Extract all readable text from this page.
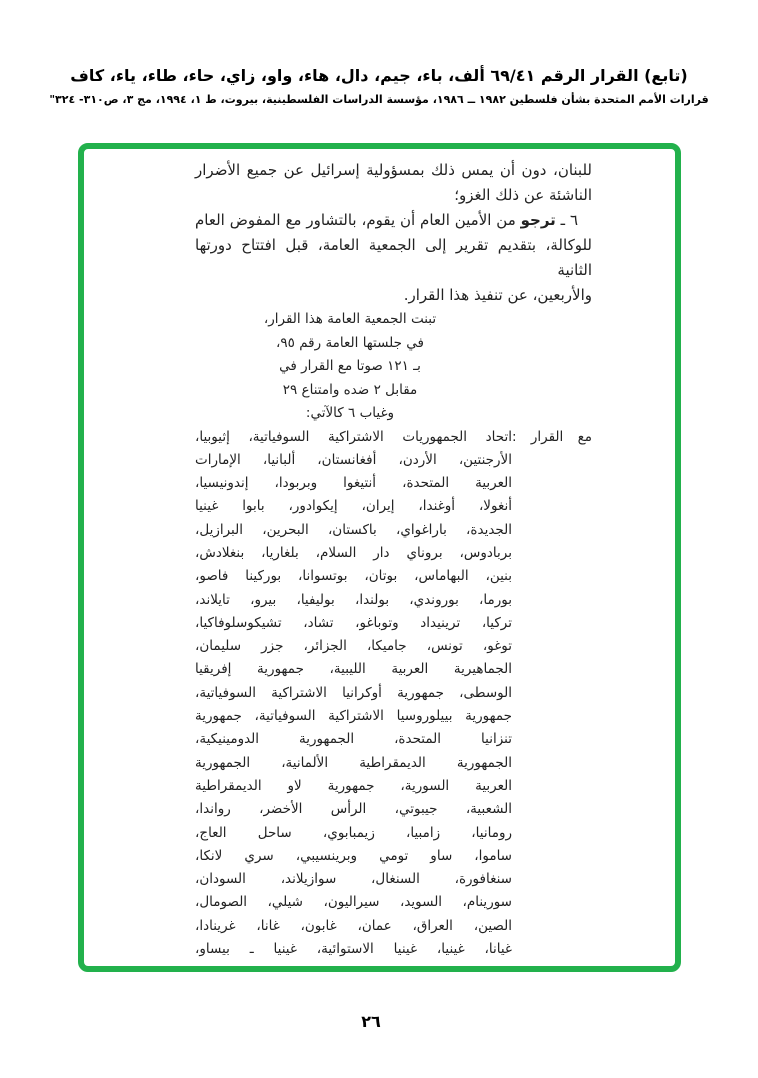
(تابع) القرار الرقم ٦٩/٤١ ألف، باء، جيم، دال، هاء، واو، زاي، حاء، طاء، ياء، كاف
قرارات الأمم المتحدة بشأن فلسطين ١٩٨٢ ــ ١٩٨٦، مؤسسة الدراسات الفلسطينية، بيروت، ط ١، ١٩٩٤، مج ٣، ص٣١٠- ٣٢٤"
للبنان، دون أن يمس ذلك بمسؤولية إسرائيل عن جميع الأضرار
الناشئة عن ذلك الغزو؛
٦ ـ ترجو من الأمين العام أن يقوم، بالتشاور مع المفوض العام
للوكالة، بتقديم تقرير إلى الجمعية العامة، قبل افتتاح دورتها الثانية
والأربعين، عن تنفيذ هذا القرار.
تبنت الجمعية العامة هذا القرار،
في جلستها العامة رقم ٩٥،
بـ ١٢١ صوتا مع القرار في
مقابل ٢ ضده وامتناع ٢٩
وغياب ٦ كالآتي:
مع القرار :
اتحاد الجمهوريات الاشتراكية السوفياتية، إثيوبيا،
الأرجنتين، الأردن، أفغانستان، ألبانيا، الإمارات
العربية المتحدة، أنتيغوا وبربودا، إندونيسيا،
أنغولا، أوغندا، إيران، إيكوادور، بابوا غينيا
الجديدة، باراغواي، باكستان، البحرين، البرازيل،
بربادوس، بروناي دار السلام، بلغاريا، بنغلادش،
بنين، البهاماس، بوتان، بوتسوانا، بوركينا فاصو،
بورما، بوروندي، بولندا، بوليفيا، بيرو، تايلاند،
تركيا، ترينيداد وتوباغو، تشاد، تشيكوسلوفاكيا،
توغو، تونس، جاميكا، الجزائر، جزر سليمان،
الجماهيرية العربية الليبية، جمهورية إفريقيا
الوسطى، جمهورية أوكرانيا الاشتراكية السوفياتية،
جمهورية بييلوروسيا الاشتراكية السوفياتية، جمهورية
تنزانيا المتحدة، الجمهورية الدومينيكية،
الجمهورية الديمقراطية الألمانية، الجمهورية
العربية السورية، جمهورية لاو الديمقراطية
الشعبية، جيبوتي، الرأس الأخضر، رواندا،
رومانيا، زامبيا، زيمبابوي، ساحل العاج،
ساموا، ساو تومي وبرينسيبي، سري لانكا،
سنغافورة، السنغال، سوازيلاند، السودان،
سورينام، السويد، سيراليون، شيلي، الصومال،
الصين، العراق، عمان، غابون، غانا، غرينادا،
غيانا، غينيا، غينيا الاستوائية، غينيا ـ بيساو،
٢٦
